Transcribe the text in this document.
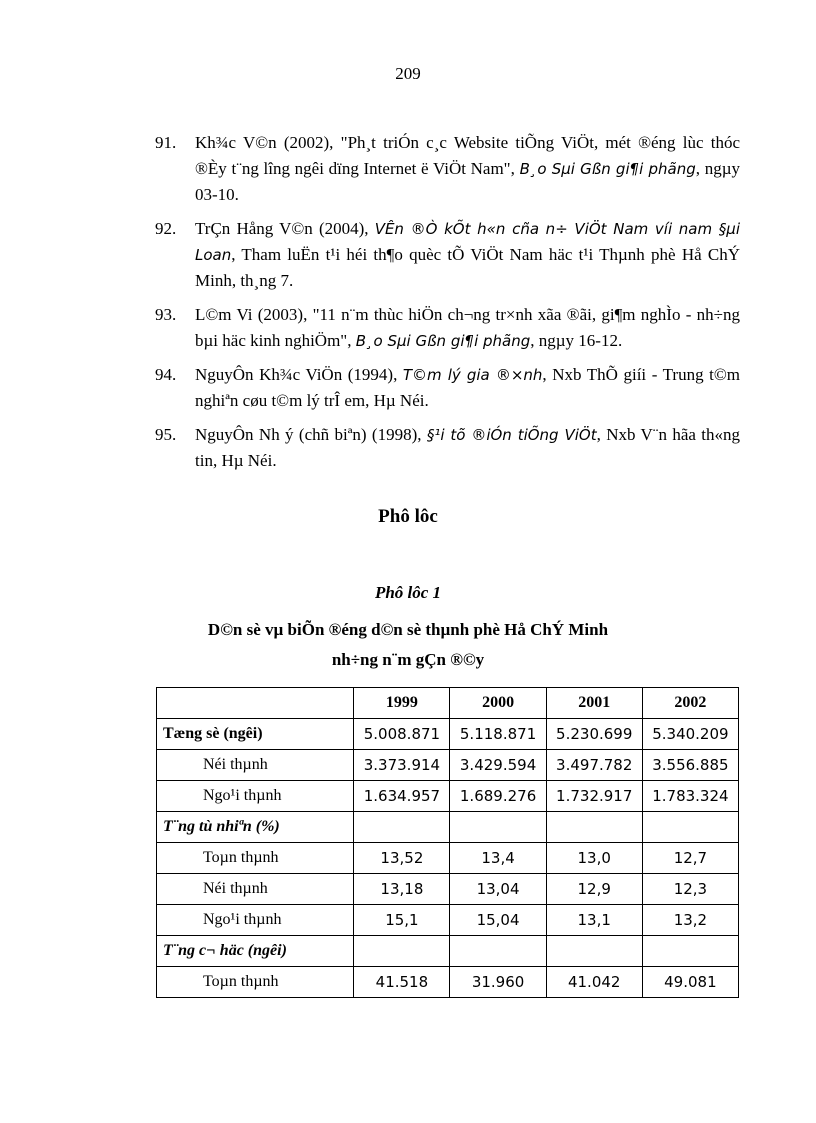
209
91.	Kh¾c V©n (2002), "Ph¸t triÓn c¸c Website tiÕng ViÖt, mét ®éng lùc thóc ®Èy t¨ng lîng ngêi dïng Internet ë ViÖt Nam", B¸o Sµi Gßn gi¶i phãng, ngµy 03-10.
92.	TrÇn Hång V©n (2004), VÊn ®Ò kÕt h«n cña n÷ ViÖt Nam víi nam §µi Loan, Tham luËn t¹i héi th¶o quèc tÕ ViÖt Nam häc t¹i Thµnh phè Hå ChÝ Minh, th¸ng 7.
93.	L©m Vi (2003), "11 n¨m thùc hiÖn ch¬ng tr×nh xãa ®ãi, gi¶m nghÌo - nh÷ng bµi häc kinh nghiÖm", B¸o Sµi Gßn gi¶i phãng, ngµy 16-12.
94.	NguyÔn Kh¾c ViÖn (1994), T©m lý gia ®×nh, Nxb ThÕ giíi - Trung t©m nghiªn cøu t©m lý trÎ em, Hµ Néi.
95.	NguyÔn Nh ý (chñ biªn) (1998), §¹i tõ ®iÓn tiÕng ViÖt, Nxb V¨n hãa th«ng tin, Hµ Néi.
Phô lôc
Phô lôc 1
D©n sè vµ biÕn ®éng d©n sè thµnh phè Hå ChÝ Minh
nh÷ng n¨m gÇn ®©y
	1999	2000	2001	2002
Tæng sè (ngêi)	5.008.871	5.118.871	5.230.699	5.340.209
Néi thµnh	3.373.914	3.429.594	3.497.782	3.556.885
Ngo¹i thµnh	1.634.957	1.689.276	1.732.917	1.783.324
T¨ng tù nhiªn (%)				
Toµn thµnh	13,52	13,4	13,0	12,7
Néi thµnh	13,18	13,04	12,9	12,3
Ngo¹i thµnh	15,1	15,04	13,1	13,2
T¨ng c¬ häc (ngêi)				
Toµn thµnh	41.518	31.960	41.042	49.081
